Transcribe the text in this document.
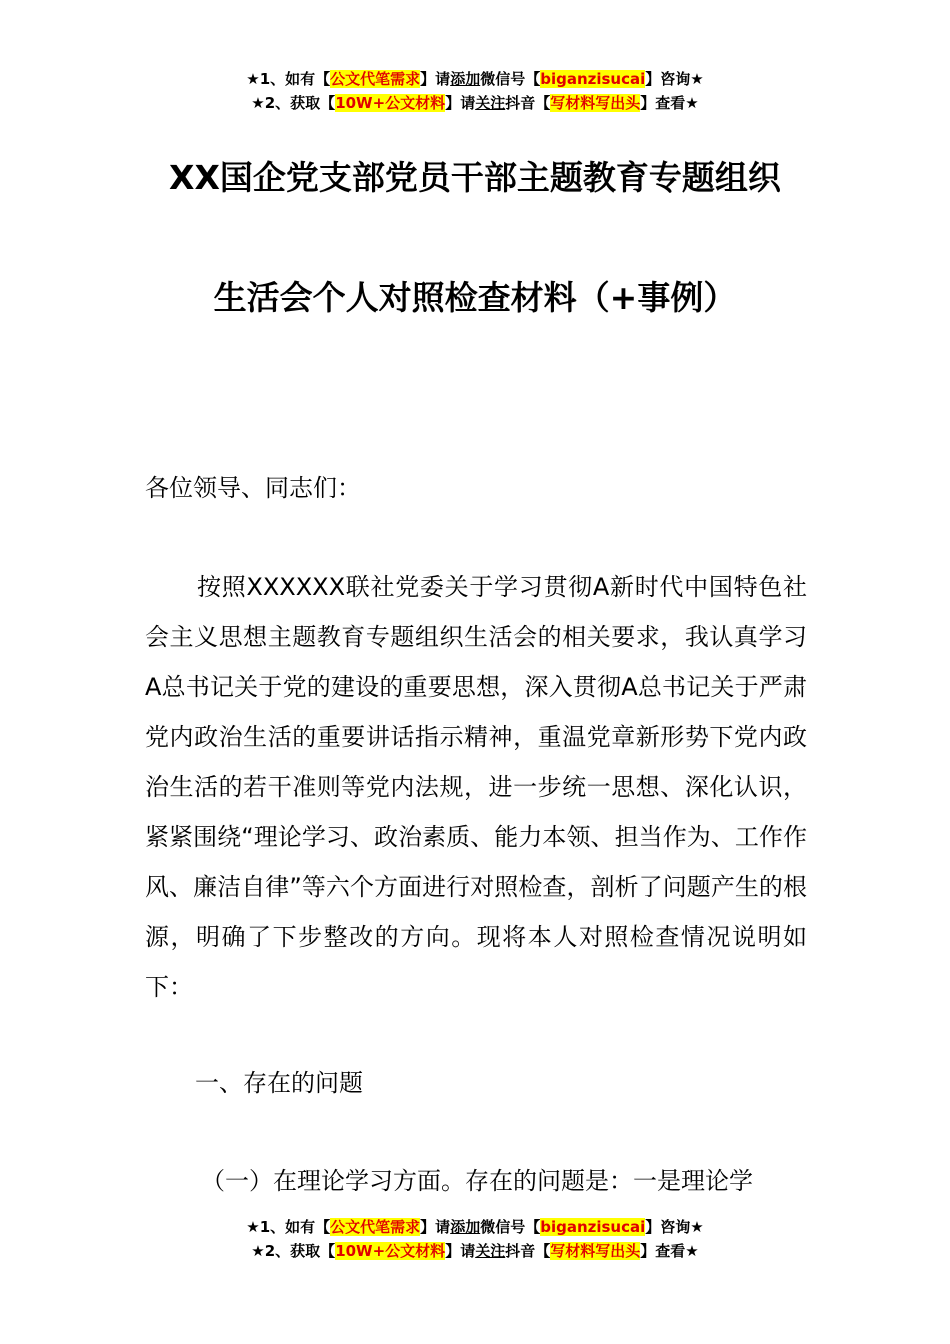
★1、如有【公文代笔需求】请添加微信号【biganzisucai】咨询★
★2、获取【10W+公文材料】请关注抖音【写材料写出头】查看★
XX国企党支部党员干部主题教育专题组织
生活会个人对照检查材料（+事例）
各位领导、同志们：
按照XXXXXX联社党委关于学习贯彻A新时代中国特色社会主义思想主题教育专题组织生活会的相关要求，我认真学习A总书记关于党的建设的重要思想，深入贯彻A总书记关于严肃党内政治生活的重要讲话指示精神，重温党章新形势下党内政治生活的若干准则等党内法规，进一步统一思想、深化认识，紧紧围绕“理论学习、政治素质、能力本领、担当作为、工作作风、廉洁自律”等六个方面进行对照检查，剖析了问题产生的根源，明确了下步整改的方向。现将本人对照检查情况说明如下：
一、存在的问题
（一）在理论学习方面。存在的问题是：一是理论学
★1、如有【公文代笔需求】请添加微信号【biganzisucai】咨询★
★2、获取【10W+公文材料】请关注抖音【写材料写出头】查看★
